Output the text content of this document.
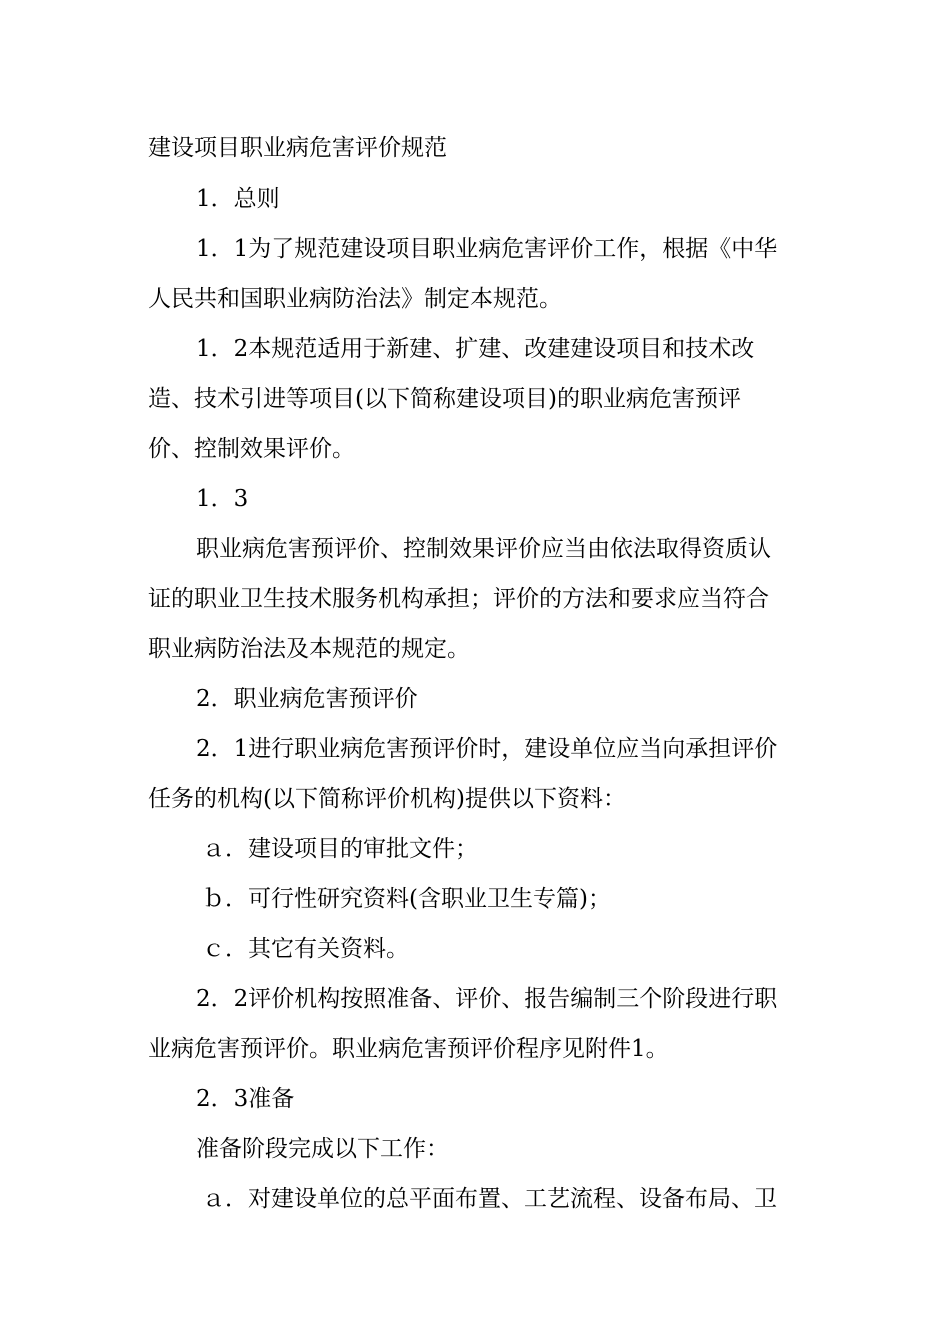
建设项目职业病危害评价规范
1．总则
1．1为了规范建设项目职业病危害评价工作，根据《中华
人民共和国职业病防治法》制定本规范。
1．2本规范适用于新建、扩建、改建建设项目和技术改
造、技术引进等项目(以下简称建设项目)的职业病危害预评
价、控制效果评价。
1．3
职业病危害预评价、控制效果评价应当由依法取得资质认
证的职业卫生技术服务机构承担；评价的方法和要求应当符合
职业病防治法及本规范的规定。
2．职业病危害预评价
2．1进行职业病危害预评价时，建设单位应当向承担评价
任务的机构(以下简称评价机构)提供以下资料：
ａ．建设项目的审批文件；
ｂ．可行性研究资料(含职业卫生专篇)；
ｃ．其它有关资料。
2．2评价机构按照准备、评价、报告编制三个阶段进行职
业病危害预评价。职业病危害预评价程序见附件1。
2．3准备
准备阶段完成以下工作：
ａ．对建设单位的总平面布置、工艺流程、设备布局、卫
